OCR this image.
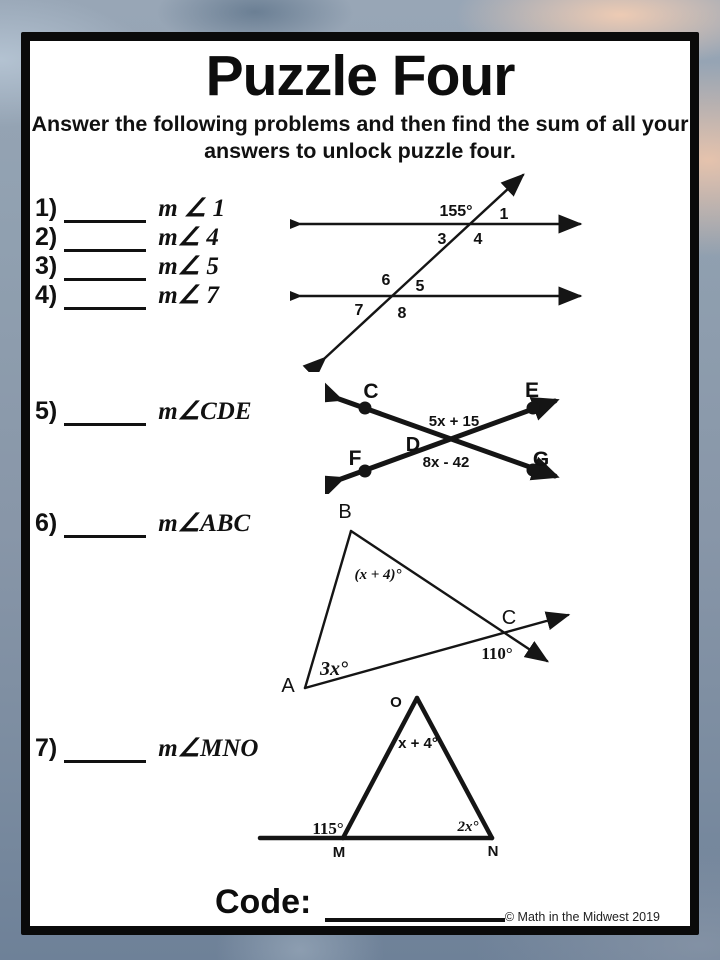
Puzzle Four
Answer the following problems and then find the sum of all your
answers to unlock puzzle four.
1)	m ∠ 1
2)	m∠ 4
3)	m∠ 5
4)	m∠ 7
5)	m∠CDE
6)	m∠ABC
7)	m∠MNO
155° 1
3 4
6 5
7 8
C	E
F	G
D
5x + 15
8x - 42
B
A
C
(x + 4)°
3x°
110°
O
x + 4°
115°	2x°
M	N
Code:	© Math in the Midwest 2019
